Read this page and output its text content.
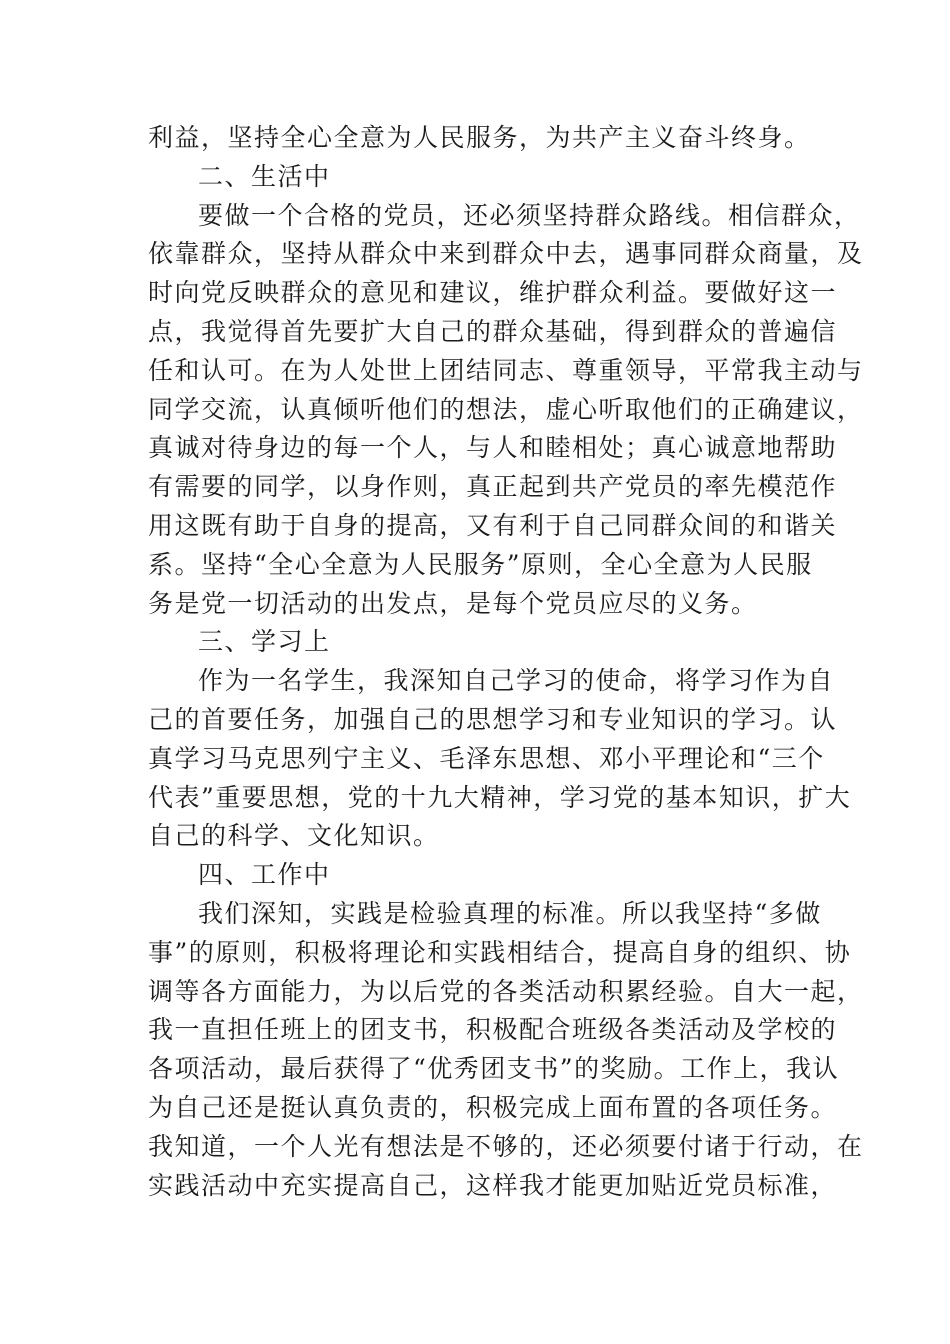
利益，坚持全心全意为人民服务，为共产主义奋斗终身。
二、生活中
要做一个合格的党员，还必须坚持群众路线。相信群众，
依靠群众，坚持从群众中来到群众中去，遇事同群众商量，及
时向党反映群众的意见和建议，维护群众利益。要做好这一
点，我觉得首先要扩大自己的群众基础，得到群众的普遍信
任和认可。在为人处世上团结同志、尊重领导，平常我主动与
同学交流，认真倾听他们的想法，虚心听取他们的正确建议，
真诚对待身边的每一个人，与人和睦相处；真心诚意地帮助
有需要的同学，以身作则，真正起到共产党员的率先模范作
用这既有助于自身的提高，又有利于自己同群众间的和谐关
系。坚持“全心全意为人民服务”原则，全心全意为人民服
务是党一切活动的出发点，是每个党员应尽的义务。
三、学习上
作为一名学生，我深知自己学习的使命，将学习作为自
己的首要任务，加强自己的思想学习和专业知识的学习。认
真学习马克思列宁主义、毛泽东思想、邓小平理论和“三个
代表”重要思想，党的十九大精神，学习党的基本知识，扩大
自己的科学、文化知识。
四、工作中
我们深知，实践是检验真理的标准。所以我坚持“多做
事”的原则，积极将理论和实践相结合，提高自身的组织、协
调等各方面能力，为以后党的各类活动积累经验。自大一起，
我一直担任班上的团支书，积极配合班级各类活动及学校的
各项活动，最后获得了“优秀团支书”的奖励。工作上，我认
为自己还是挺认真负责的，积极完成上面布置的各项任务。
我知道，一个人光有想法是不够的，还必须要付诸于行动，在
实践活动中充实提高自己，这样我才能更加贴近党员标准，
